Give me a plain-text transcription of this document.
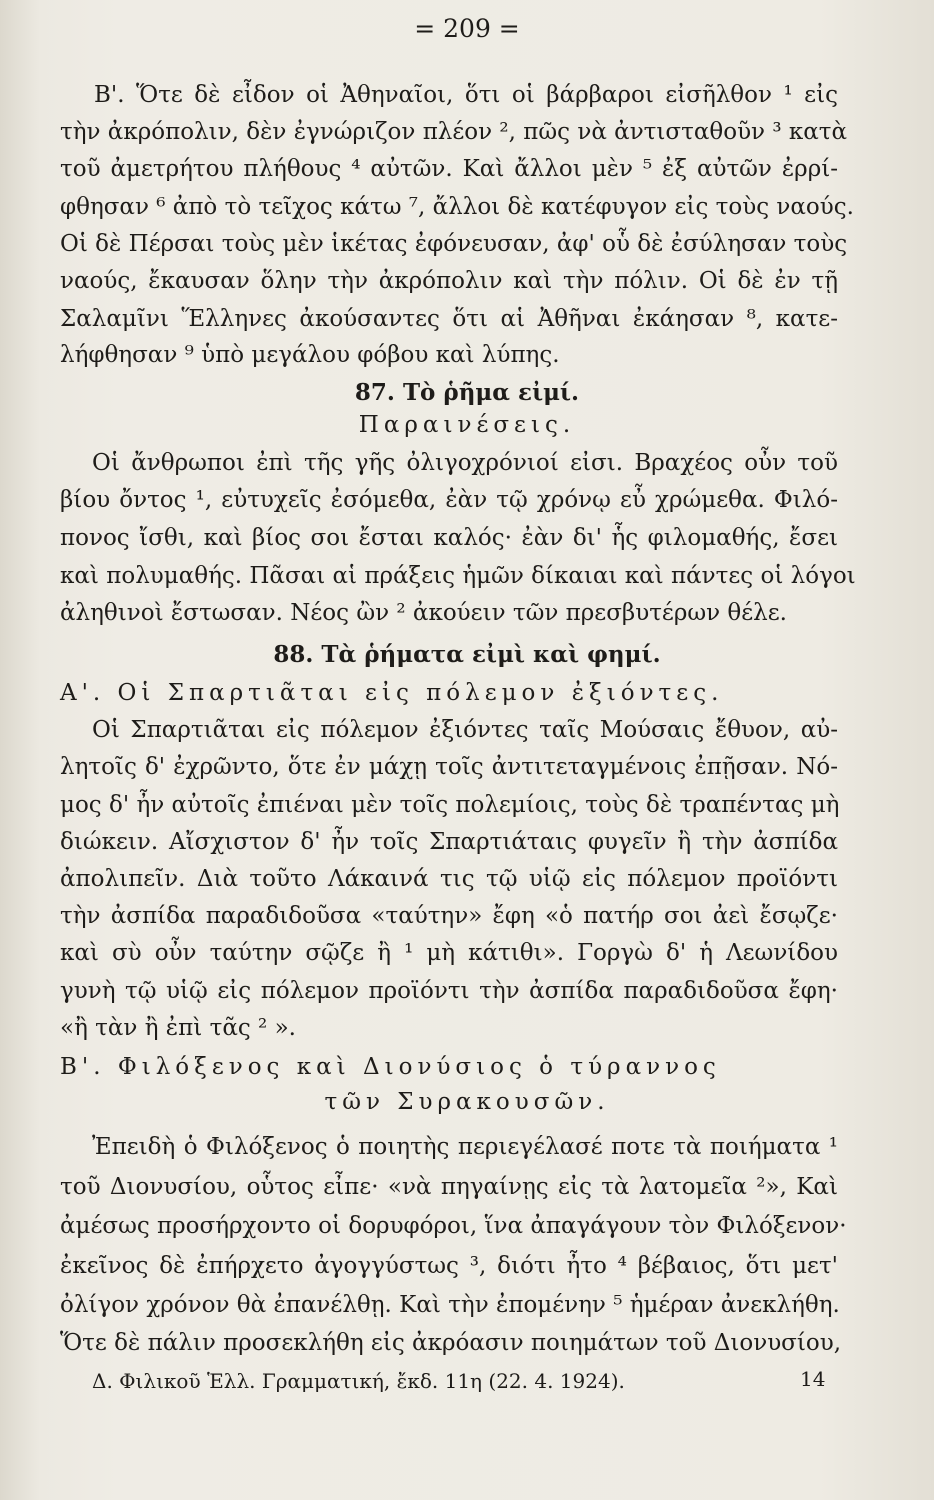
= 209 =
Β'. Ὅτε δὲ εἶδον οἱ Ἀθηναῖοι, ὅτι οἱ βάρβαροι εἰσῆλθον ¹ εἰς
τὴν ἀκρόπολιν, δὲν ἐγνώριζον πλέον ², πῶς νὰ ἀντισταθοῦν ³ κατὰ
τοῦ ἀμετρήτου πλήθους ⁴ αὐτῶν. Καὶ ἄλλοι μὲν ⁵ ἐξ αὐτῶν ἐρρί-
φθησαν ⁶ ἀπὸ τὸ τεῖχος κάτω ⁷, ἄλλοι δὲ κατέφυγον εἰς τοὺς ναούς.
Οἱ δὲ Πέρσαι τοὺς μὲν ἱκέτας ἐφόνευσαν, ἀφ' οὗ δὲ ἐσύλησαν τοὺς
ναούς, ἔκαυσαν ὅλην τὴν ἀκρόπολιν καὶ τὴν πόλιν. Οἱ δὲ ἐν τῇ
Σαλαμῖνι Ἕλληνες ἀκούσαντες ὅτι αἱ Ἀθῆναι ἐκάησαν ⁸, κατε-
λήφθησαν ⁹ ὑπὸ μεγάλου φόβου καὶ λύπης.
87. Τὸ ῥῆμα εἰμί.
Παραινέσεις.
Οἱ ἄνθρωποι ἐπὶ τῆς γῆς ὀλιγοχρόνιοί εἰσι. Βραχέος οὖν τοῦ
βίου ὄντος ¹, εὐτυχεῖς ἐσόμεθα, ἐὰν τῷ χρόνῳ εὖ χρώμεθα. Φιλό-
πονος ἴσθι, καὶ βίος σοι ἔσται καλός· ἐὰν δι' ἧς φιλομαθής, ἔσει
καὶ πολυμαθής. Πᾶσαι αἱ πράξεις ἡμῶν δίκαιαι καὶ πάντες οἱ λόγοι
ἀληθινοὶ ἔστωσαν. Νέος ὢν ² ἀκούειν τῶν πρεσβυτέρων θέλε.
88. Τὰ ῥήματα εἰμὶ καὶ φημί.
Α'. Οἱ Σπαρτιᾶται εἰς πόλεμον ἐξιόντες.
Οἱ Σπαρτιᾶται εἰς πόλεμον ἐξιόντες ταῖς Μούσαις ἔθυον, αὐ-
λητοῖς δ' ἐχρῶντο, ὅτε ἐν μάχῃ τοῖς ἀντιτεταγμένοις ἐπῇσαν. Νό-
μος δ' ἦν αὐτοῖς ἐπιέναι μὲν τοῖς πολεμίοις, τοὺς δὲ τραπέντας μὴ
διώκειν. Αἴσχιστον δ' ἦν τοῖς Σπαρτιάταις φυγεῖν ἢ τὴν ἀσπίδα
ἀπολιπεῖν. Διὰ τοῦτο Λάκαινά τις τῷ υἱῷ εἰς πόλεμον προϊόντι
τὴν ἀσπίδα παραδιδοῦσα «ταύτην» ἔφη «ὁ πατήρ σοι ἀεὶ ἔσῳζε·
καὶ σὺ οὖν ταύτην σῷζε ἢ ¹ μὴ κάτιθι». Γοργὼ δ' ἡ Λεωνίδου
γυνὴ τῷ υἱῷ εἰς πόλεμον προϊόντι τὴν ἀσπίδα παραδιδοῦσα ἔφη·
«ἢ τὰν ἢ ἐπὶ τᾶς ² ».
Β'. Φιλόξενος καὶ Διονύσιος ὁ τύραννος
τῶν Συρακουσῶν.
Ἐπειδὴ ὁ Φιλόξενος ὁ ποιητὴς περιεγέλασέ ποτε τὰ ποιήματα ¹
τοῦ Διονυσίου, οὗτος εἶπε· «νὰ πηγαίνῃς εἰς τὰ λατομεῖα ²», Καὶ
ἀμέσως προσήρχοντο οἱ δορυφόροι, ἵνα ἀπαγάγουν τὸν Φιλόξενον·
ἐκεῖνος δὲ ἐπήρχετο ἀγογγύστως ³, διότι ἦτο ⁴ βέβαιος, ὅτι μετ'
ὀλίγον χρόνον θὰ ἐπανέλθῃ. Καὶ τὴν ἐπομένην ⁵ ἡμέραν ἀνεκλήθη.
Ὅτε δὲ πάλιν προσεκλήθη εἰς ἀκρόασιν ποιημάτων τοῦ Διονυσίου,
Δ. Φιλικοῦ Ἑλλ. Γραμματική, ἔκδ. 11η (22. 4. 1924).	14
